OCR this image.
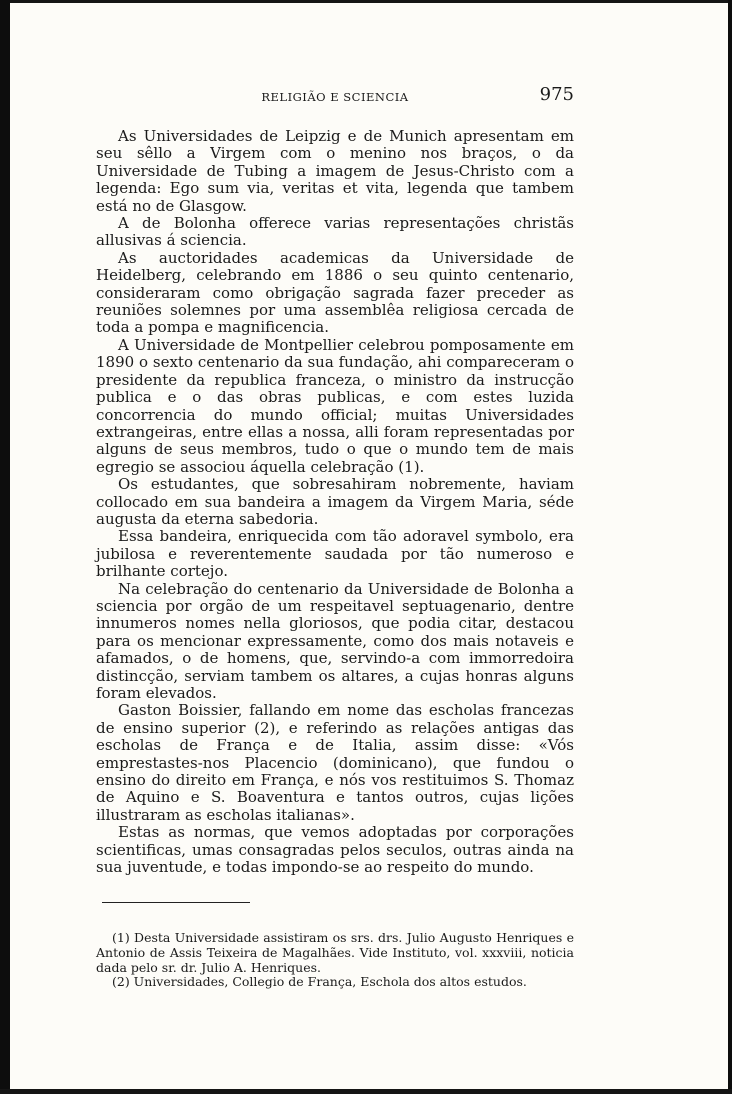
RELIGIÃO E SCIENCIA	975

As Universidades de Leipzig e de Munich apresentam em seu sêllo a Virgem com o menino nos braços, o da Universidade de Tubing a imagem de Jesus-Christo com a legenda: Ego sum via, veritas et vita, legenda que tambem está no de Glasgow.

A de Bolonha offerece varias representações christãs allusivas á sciencia.

As auctoridades academicas da Universidade de Heidelberg, celebrando em 1886 o seu quinto centenario, consideraram como obrigação sagrada fazer preceder as reuniões solemnes por uma assemblêa religiosa cercada de toda a pompa e magnificencia.

A Universidade de Montpellier celebrou pomposamente em 1890 o sexto centenario da sua fundação, ahi compareceram o presidente da republica franceza, o ministro da instrucção publica e o das obras publicas, e com estes luzida concorrencia do mundo official; muitas Universidades extrangeiras, entre ellas a nossa, alli foram representadas por alguns de seus membros, tudo o que o mundo tem de mais egregio se associou áquella celebração (1).

Os estudantes, que sobresahiram nobremente, haviam collocado em sua bandeira a imagem da Virgem Maria, séde augusta da eterna sabedoria.

Essa bandeira, enriquecida com tão adoravel symbolo, era jubilosa e reverentemente saudada por tão numeroso e brilhante cortejo.

Na celebração do centenario da Universidade de Bolonha a sciencia por orgão de um respeitavel septuagenario, dentre innumeros nomes nella gloriosos, que podia citar, destacou para os mencionar expressamente, como dos mais notaveis e afamados, o de homens, que, servindo-a com immorredoira distincção, serviam tambem os altares, a cujas honras alguns foram elevados.

Gaston Boissier, fallando em nome das escholas francezas de ensino superior (2), e referindo as relações antigas das escholas de França e de Italia, assim disse: «Vós emprestastes-nos Placencio (dominicano), que fundou o ensino do direito em França, e nós vos restituimos S. Thomaz de Aquino e S. Boaventura e tantos outros, cujas lições illustraram as escholas italianas».

Estas as normas, que vemos adoptadas por corporações scientificas, umas consagradas pelos seculos, outras ainda na sua juventude, e todas impondo-se ao respeito do mundo.

(1) Desta Universidade assistiram os srs. drs. Julio Augusto Henriques e Antonio de Assis Teixeira de Magalhães. Vide Instituto, vol. xxxviii, noticia dada pelo sr. dr. Julio A. Henriques.

(2) Universidades, Collegio de França, Escholа dos altos estudos.
